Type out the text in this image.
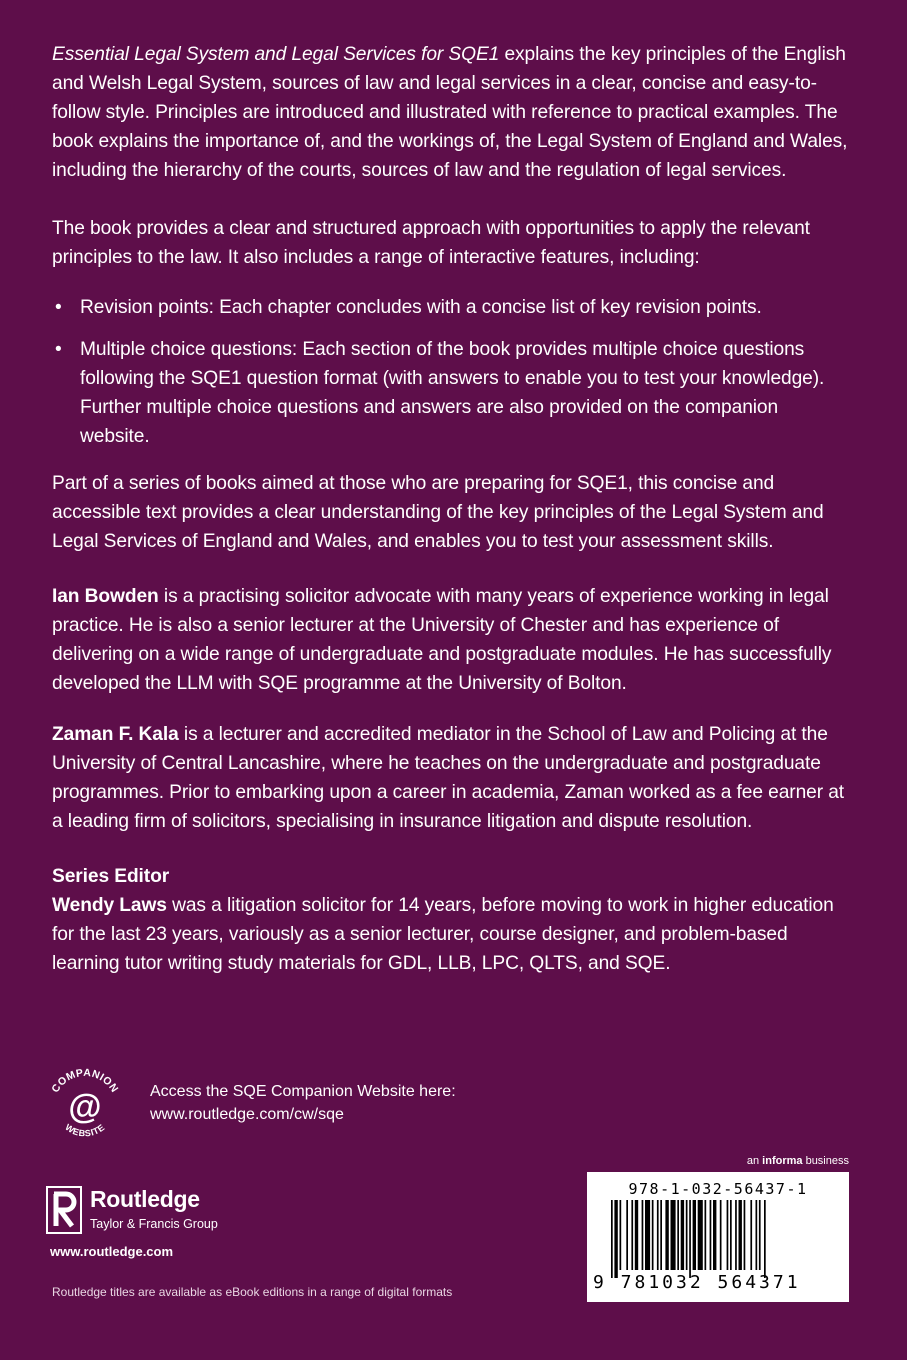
Essential Legal System and Legal Services for SQE1 explains the key principles of the English and Welsh Legal System, sources of law and legal services in a clear, concise and easy-to-follow style. Principles are introduced and illustrated with reference to practical examples. The book explains the importance of, and the workings of, the Legal System of England and Wales, including the hierarchy of the courts, sources of law and the regulation of legal services.

The book provides a clear and structured approach with opportunities to apply the relevant principles to the law. It also includes a range of interactive features, including:

• Revision points: Each chapter concludes with a concise list of key revision points.
• Multiple choice questions: Each section of the book provides multiple choice questions following the SQE1 question format (with answers to enable you to test your knowledge). Further multiple choice questions and answers are also provided on the companion website.

Part of a series of books aimed at those who are preparing for SQE1, this concise and accessible text provides a clear understanding of the key principles of the Legal System and Legal Services of England and Wales, and enables you to test your assessment skills.

Ian Bowden is a practising solicitor advocate with many years of experience working in legal practice. He is also a senior lecturer at the University of Chester and has experience of delivering on a wide range of undergraduate and postgraduate modules. He has successfully developed the LLM with SQE programme at the University of Bolton.

Zaman F. Kala is a lecturer and accredited mediator in the School of Law and Policing at the University of Central Lancashire, where he teaches on the undergraduate and postgraduate programmes. Prior to embarking upon a career in academia, Zaman worked as a fee earner at a leading firm of solicitors, specialising in insurance litigation and dispute resolution.

Series Editor

Wendy Laws was a litigation solicitor for 14 years, before moving to work in higher education for the last 23 years, variously as a senior lecturer, course designer, and problem-based learning tutor writing study materials for GDL, LLB, LPC, QLTS, and SQE.

COMPANION
@
WEBSITE
Access the SQE Companion Website here:
www.routledge.com/cw/sqe
Routledge
Taylor & Francis Group
www.routledge.com
Routledge titles are available as eBook editions in a range of digital formats
an informa business
978-1-032-56437-1
9 781032 564371
